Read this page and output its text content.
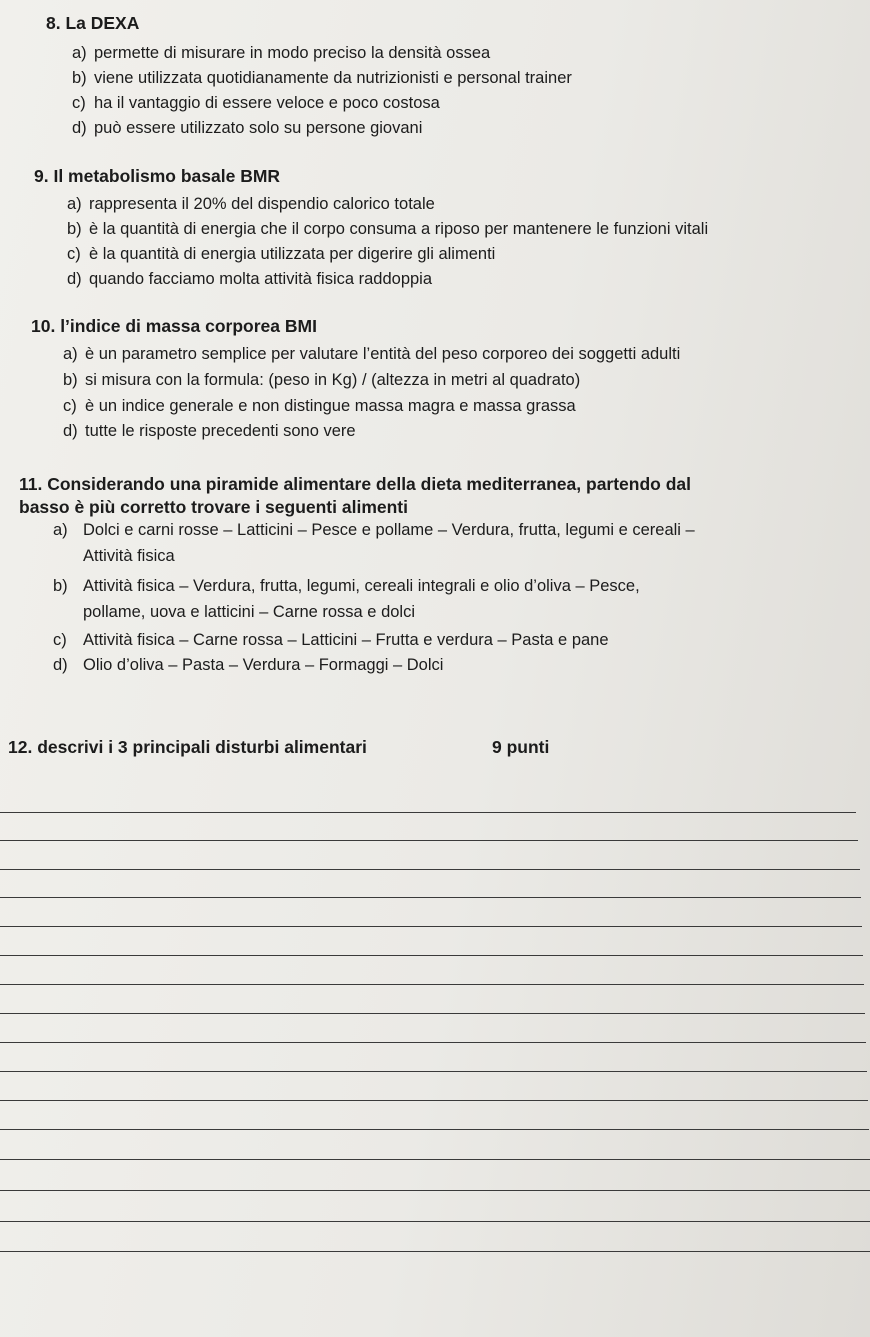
8. La DEXA
a) permette di misurare in modo preciso la densità ossea
b) viene utilizzata quotidianamente da nutrizionisti e personal trainer
c) ha il vantaggio di essere veloce e poco costosa
d) può essere utilizzato solo su persone giovani
9. Il metabolismo basale BMR
a) rappresenta il 20% del dispendio calorico totale
b) è la quantità di energia che il corpo consuma a riposo per mantenere le funzioni vitali
c) è la quantità di energia utilizzata per digerire gli alimenti
d) quando facciamo molta attività fisica raddoppia
10. l’indice di massa corporea BMI
a) è un parametro semplice per valutare l’entità del peso corporeo dei soggetti adulti
b) si misura con la formula: (peso in Kg) / (altezza in metri al quadrato)
c) è un indice generale e non distingue massa magra e massa grassa
d) tutte le risposte precedenti sono vere
11. Considerando una piramide alimentare della dieta mediterranea, partendo dal
basso è più corretto trovare i seguenti alimenti
a) Dolci e carni rosse – Latticini – Pesce e pollame – Verdura, frutta, legumi e cereali –
Attività fisica
b) Attività fisica – Verdura, frutta, legumi, cereali integrali e olio d’oliva – Pesce,
pollame, uova e latticini – Carne rossa e dolci
c) Attività fisica – Carne rossa – Latticini – Frutta e verdura – Pasta e pane
d) Olio d’oliva – Pasta – Verdura – Formaggi – Dolci
12. descrivi i 3 principali disturbi alimentari	9 punti
